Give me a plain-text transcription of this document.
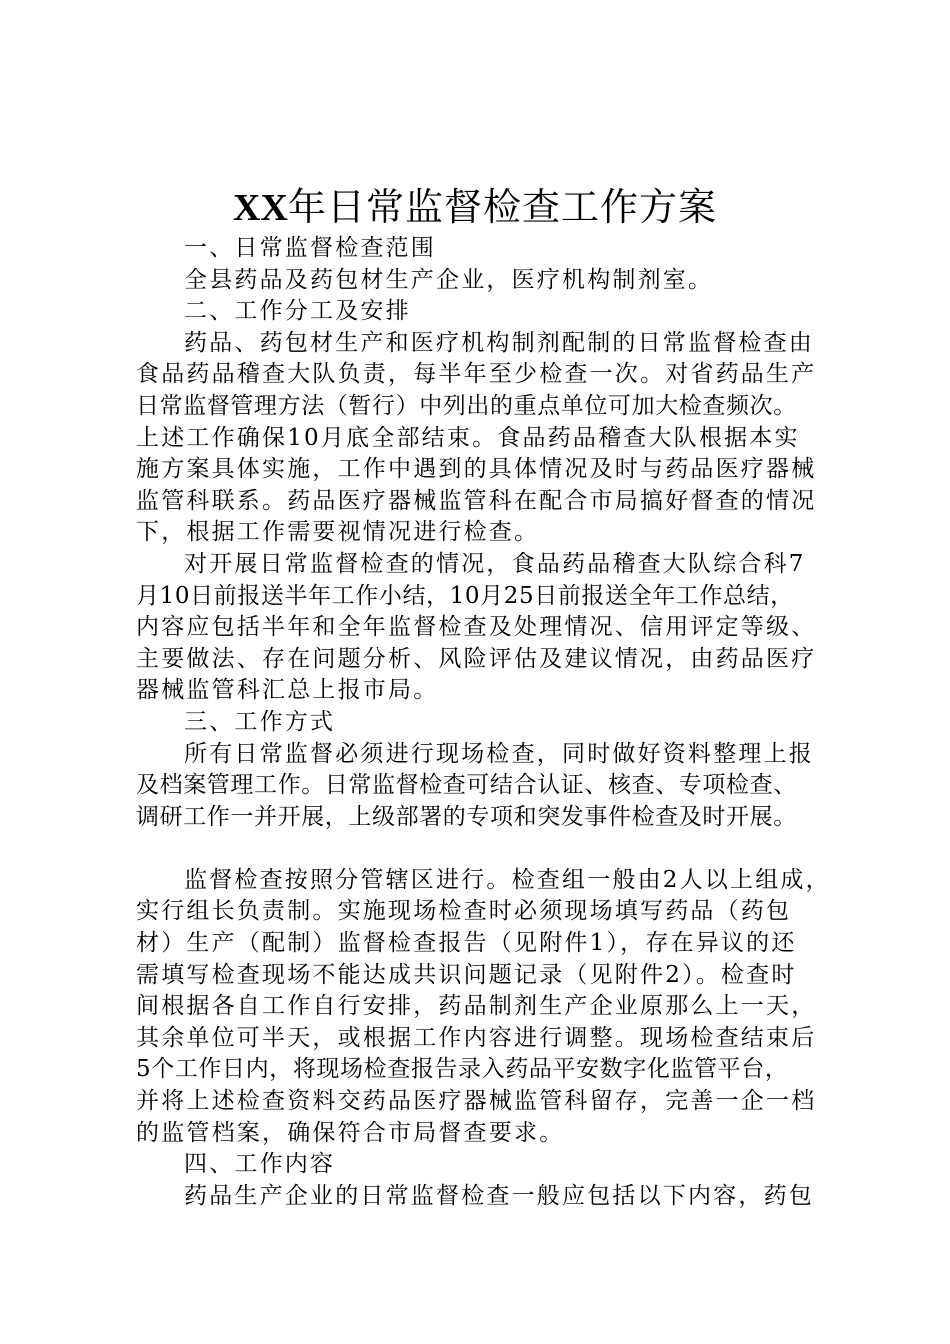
XX年日常监督检查工作方案
一、日常监督检查范围
全县药品及药包材生产企业，医疗机构制剂室。
二、工作分工及安排
药品、药包材生产和医疗机构制剂配制的日常监督检查由
食品药品稽查大队负责，每半年至少检查一次。对省药品生产
日常监督管理方法（暂行）中列出的重点单位可加大检查频次。
上述工作确保10月底全部结束。食品药品稽查大队根据本实
施方案具体实施，工作中遇到的具体情况及时与药品医疗器械
监管科联系。药品医疗器械监管科在配合市局搞好督查的情况
下，根据工作需要视情况进行检查。
对开展日常监督检查的情况，食品药品稽查大队综合科7
月10日前报送半年工作小结，10月25日前报送全年工作总结，
内容应包括半年和全年监督检查及处理情况、信用评定等级、
主要做法、存在问题分析、风险评估及建议情况，由药品医疗
器械监管科汇总上报市局。
三、工作方式
所有日常监督必须进行现场检查，同时做好资料整理上报
及档案管理工作。日常监督检查可结合认证、核查、专项检查、
调研工作一并开展，上级部署的专项和突发事件检查及时开展。
监督检查按照分管辖区进行。检查组一般由2人以上组成，
实行组长负责制。实施现场检查时必须现场填写药品（药包
材）生产（配制）监督检查报告（见附件1），存在异议的还
需填写检查现场不能达成共识问题记录（见附件2）。检查时
间根据各自工作自行安排，药品制剂生产企业原那么上一天，
其余单位可半天，或根据工作内容进行调整。现场检查结束后
5个工作日内，将现场检查报告录入药品平安数字化监管平台，
并将上述检查资料交药品医疗器械监管科留存，完善一企一档
的监管档案，确保符合市局督查要求。
四、工作内容
药品生产企业的日常监督检查一般应包括以下内容，药包
